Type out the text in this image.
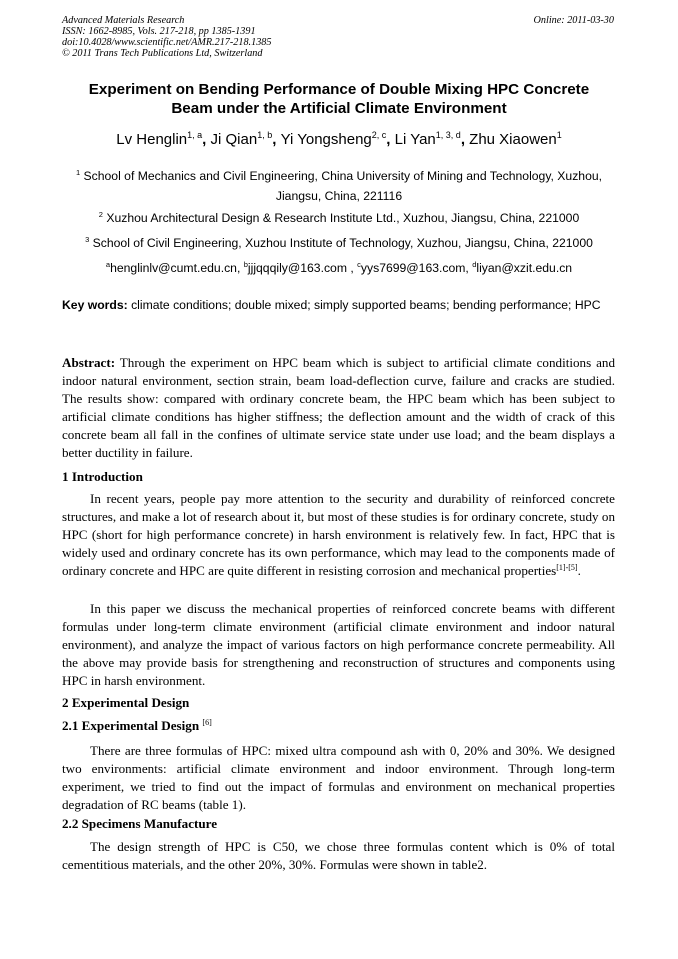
Advanced Materials Research
ISSN: 1662-8985, Vols. 217-218, pp 1385-1391
doi:10.4028/www.scientific.net/AMR.217-218.1385
© 2011 Trans Tech Publications Ltd, Switzerland
Online: 2011-03-30
Experiment on Bending Performance of Double Mixing HPC Concrete
Beam under the Artificial Climate Environment
Lv Henglin$^{1, a}$, Ji Qian$^{1, b}$, Yi Yongsheng$^{2, c}$, Li Yan$^{1, 3, d}$, Zhu Xiaowen$^1$
$^1$ School of Mechanics and Civil Engineering, China University of Mining and Technology, Xuzhou,
Jiangsu, China, 221116
$^2$ Xuzhou Architectural Design & Research Institute Ltd., Xuzhou, Jiangsu, China, 221000
$^3$ School of Civil Engineering, Xuzhou Institute of Technology, Xuzhou, Jiangsu, China, 221000
$^a$henglinlv@cumt.edu.cn, $^b$jjjqqqily@163.com , $^c$yys7699@163.com, $^d$liyan@xzit.edu.cn
Key words: climate conditions; double mixed; simply supported beams; bending performance; HPC
Abstract: Through the experiment on HPC beam which is subject to artificial climate conditions and indoor natural environment, section strain, beam load-deflection curve, failure and cracks are studied. The results show: compared with ordinary concrete beam, the HPC beam which has been subject to artificial climate conditions has higher stiffness; the deflection amount and the width of crack of this concrete beam all fall in the confines of ultimate service state under use load; and the beam displays a better ductility in failure.
1 Introduction
In recent years, people pay more attention to the security and durability of reinforced concrete structures, and make a lot of research about it, but most of these studies is for ordinary concrete, study on HPC (short for high performance concrete) in harsh environment is relatively few. In fact, HPC that is widely used and ordinary concrete has its own performance, which may lead to the components made of ordinary concrete and HPC are quite different in resisting corrosion and mechanical properties[1]-[5].
In this paper we discuss the mechanical properties of reinforced concrete beams with different formulas under long-term climate environment (artificial climate environment and indoor natural environment), and analyze the impact of various factors on high performance concrete permeability. All the above may provide basis for strengthening and reconstruction of structures and components using HPC in harsh environment.
2 Experimental Design
2.1 Experimental Design [6]
There are three formulas of HPC: mixed ultra compound ash with 0, 20% and 30%. We designed two environments: artificial climate environment and indoor environment. Through long-term experiment, we tried to find out the impact of formulas and environment on mechanical properties degradation of RC beams (table 1).
2.2 Specimens Manufacture
The design strength of HPC is C50, we chose three formulas content which is 0% of total cementitious materials, and the other 20%, 30%. Formulas were shown in table2.
